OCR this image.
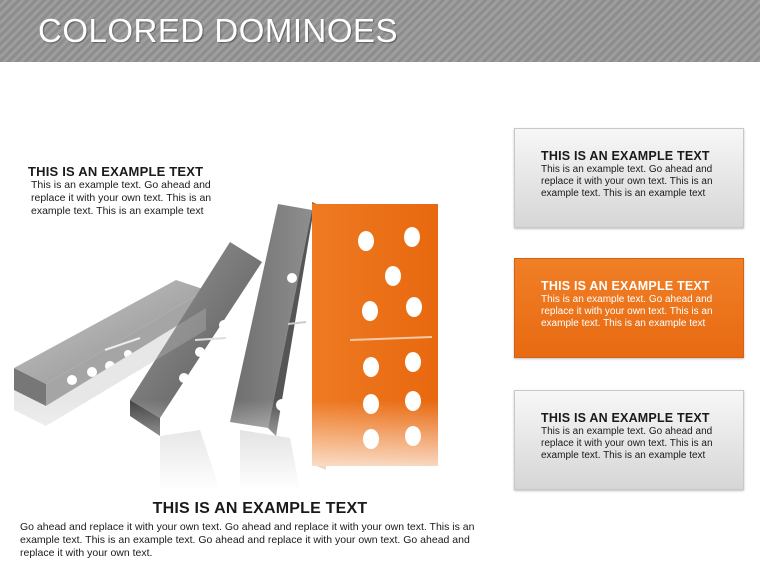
COLORED DOMINOES
THIS IS AN EXAMPLE TEXT
This is an example text. Go ahead and replace it with your own text. This is an example text. This is an example text
THIS IS AN EXAMPLE TEXT
This is an example text. Go ahead and replace it with your own text. This is an example text. This is an example text
THIS IS AN EXAMPLE TEXT
This is an example text. Go ahead and replace it with your own text. This is an example text. This is an example text
THIS IS AN EXAMPLE TEXT
This is an example text. Go ahead and replace it with your own text. This is an example text. This is an example text
THIS IS AN EXAMPLE TEXT
Go ahead and replace it with your own text. Go ahead and replace it with your own text. This is an example text. This is an example text. Go ahead and replace it with your own text. Go ahead and replace it with your own text.
